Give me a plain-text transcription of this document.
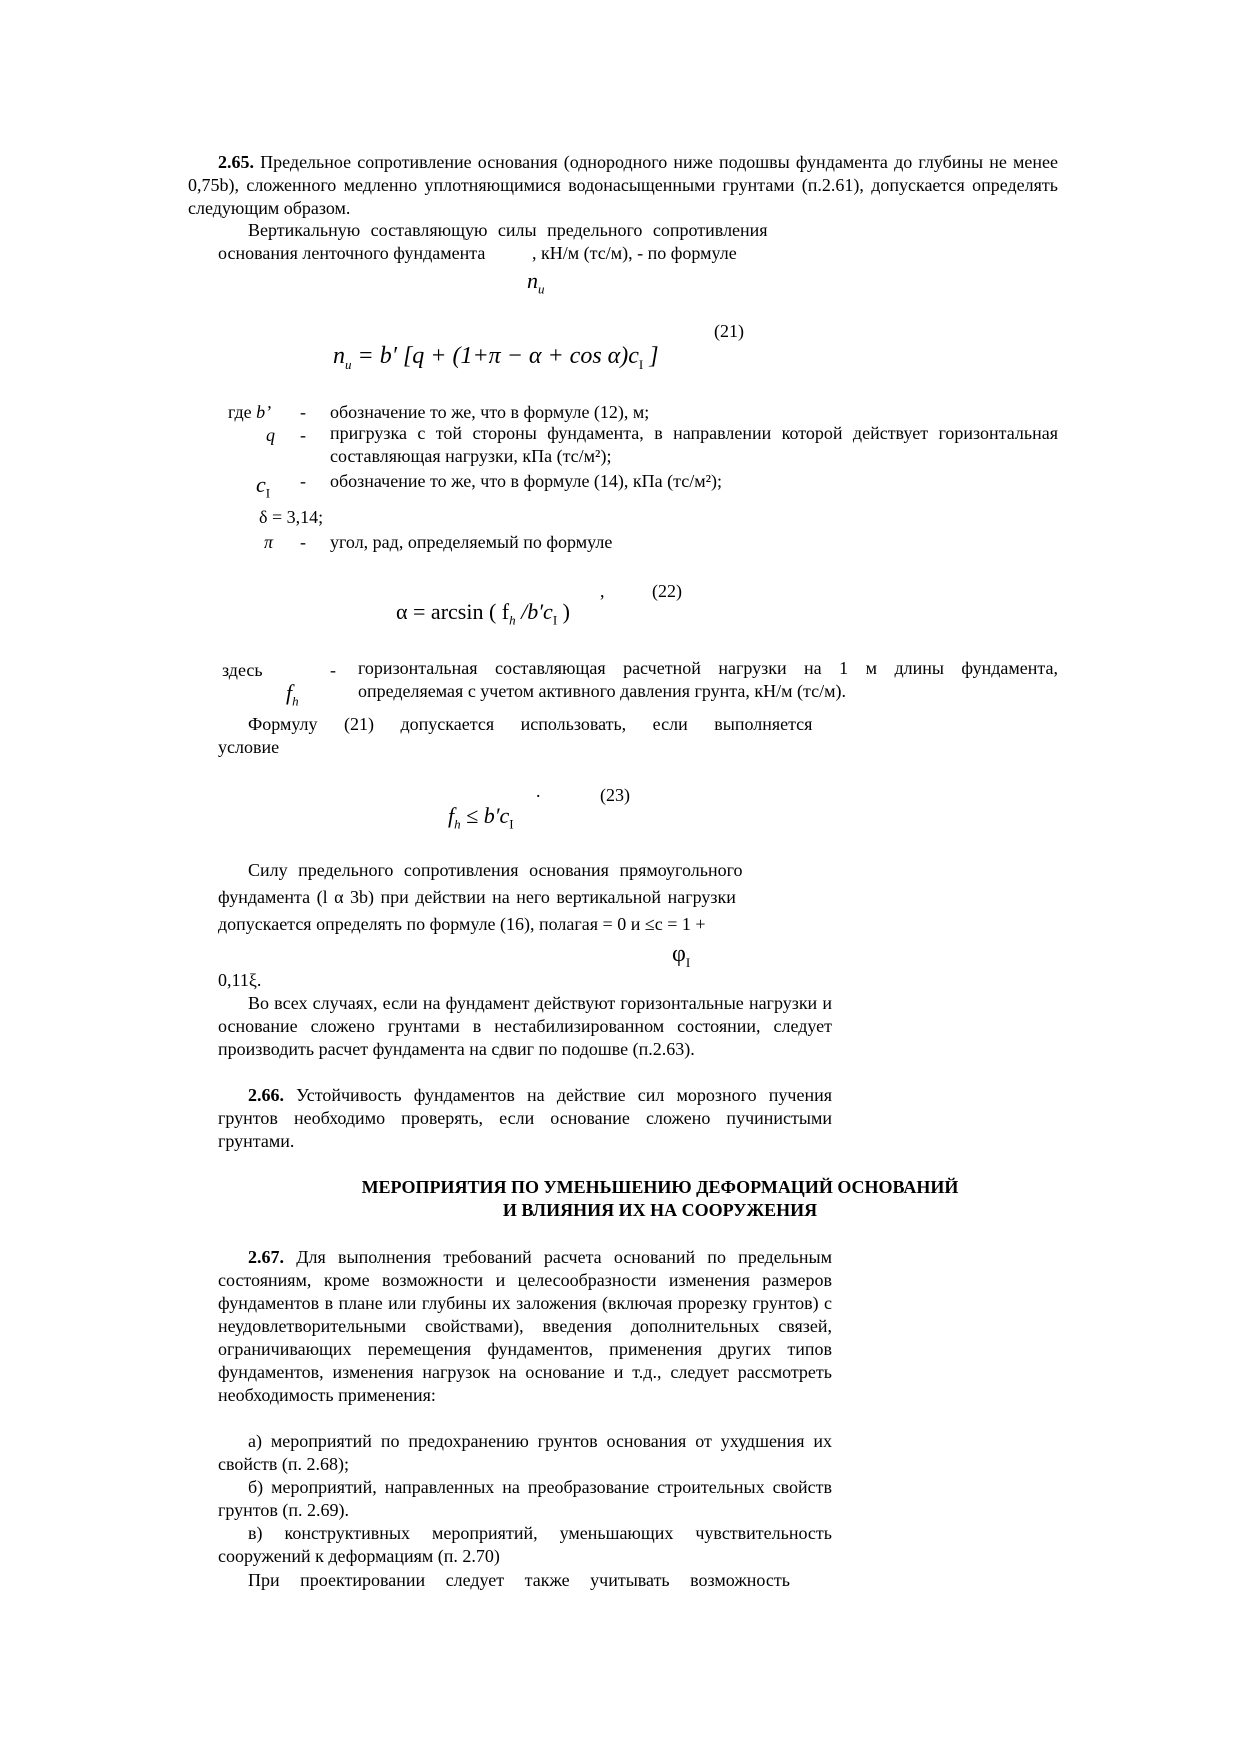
2.65. Предельное сопротивление основания (однородного ниже подошвы фундамента до глубины не менее 0,75b), сложенного медленно уплотняющимися водонасыщенными грунтами (п.2.61), допускается определять следующим образом.
Вертикальную составляющую силы предельного сопротивления
основания ленточного фундамента	, кН/м (тс/м), - по формуле
$n_u$
(21)
$n_u = b'$ [$q + (1+\pi - \alpha + \cos \alpha)c_I$ ]
где b’ - обозначение то же, что в формуле (12), м;
q - пригрузка с той стороны фундамента, в направлении которой действует горизонтальная составляющая нагрузки, кПа (тс/м²);
$c_I$
- обозначение то же, что в формуле (14), кПа (тс/м²);
δ = 3,14;
π - угол, рад, определяемый по формуле
,	(22)
α = arcsin ( $f_h$ $/b'c_I$ )
здесь	- горизонтальная составляющая расчетной нагрузки на 1 м длины фундамента, определяемая с учетом активного давления грунта, кН/м (тс/м).
$f_h$
Формулу (21) допускается использовать, если выполняется
условие
.	(23)
$f_h \le b'c_I$
Силу предельного сопротивления основания прямоугольного
фундамента (l α 3b) при действии на него вертикальной нагрузки
допускается определять по формуле (16), полагая = 0 и ≤c = 1 +
$\varphi_I$
0,11ξ.
Во всех случаях, если на фундамент действуют горизонтальные нагрузки и основание сложено грунтами в нестабилизированном состоянии, следует производить расчет фундамента на сдвиг по подошве (п.2.63).
2.66. Устойчивость фундаментов на действие сил морозного пучения грунтов необходимо проверять, если основание сложено пучинистыми грунтами.
МЕРОПРИЯТИЯ ПО УМЕНЬШЕНИЮ ДЕФОРМАЦИЙ ОСНОВАНИЙ
И ВЛИЯНИЯ ИХ НА СООРУЖЕНИЯ
2.67. Для выполнения требований расчета оснований по предельным состояниям, кроме возможности и целесообразности изменения размеров фундаментов в плане или глубины их заложения (включая прорезку грунтов) с неудовлетворительными свойствами), введения дополнительных связей, ограничивающих перемещения фундаментов, применения других типов фундаментов, изменения нагрузок на основание и т.д., следует рассмотреть необходимость применения:
а) мероприятий по предохранению грунтов основания от ухудшения их свойств (п. 2.68);
б) мероприятий, направленных на преобразование строительных свойств грунтов (п. 2.69).
в) конструктивных мероприятий, уменьшающих чувствительность сооружений к деформациям (п. 2.70)
При проектировании следует также учитывать возможность
